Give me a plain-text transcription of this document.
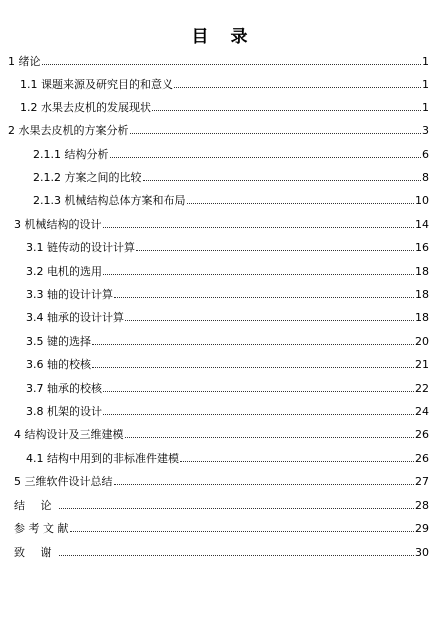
目 录
1 绪论	1
1.1 课题来源及研究目的和意义	1
1.2 水果去皮机的发展现状	1
2 水果去皮机的方案分析	3
2.1.1 结构分析	6
2.1.2 方案之间的比较	8
2.1.3 机械结构总体方案和布局	10
3 机械结构的设计	14
3.1 链传动的设计计算	16
3.2 电机的选用	18
3.3 轴的设计计算	18
3.4 轴承的设计计算	18
3.5 键的选择	20
3.6 轴的校核	21
3.7 轴承的校核	22
3.8 机架的设计	24
4 结构设计及三维建模	26
4.1 结构中用到的非标准件建模	26
5 三维软件设计总结	27
结 论	28
参 考 文 献	29
致 谢	30
